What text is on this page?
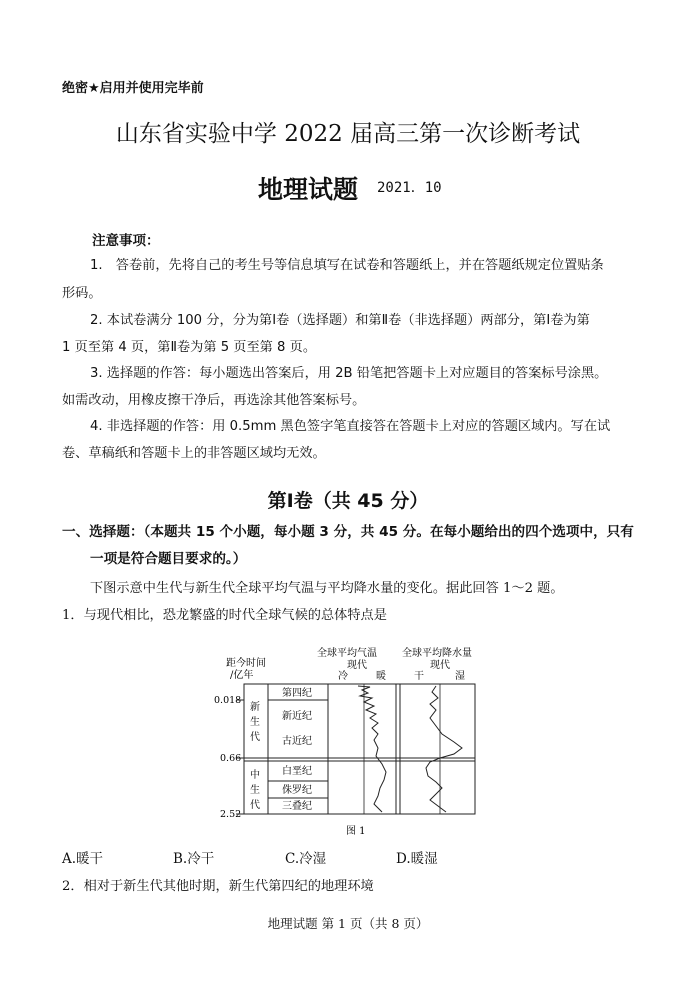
绝密★启用并使用完毕前
山东省实验中学 2022 届高三第一次诊断考试
地理试题 2021．10
注意事项：
1.　答卷前，先将自己的考生号等信息填写在试卷和答题纸上，并在答题纸规定位置贴条
形码。
2. 本试卷满分 100 分，分为第Ⅰ卷（选择题）和第Ⅱ卷（非选择题）两部分，第Ⅰ卷为第
1 页至第 4 页，第Ⅱ卷为第 5 页至第 8 页。
3. 选择题的作答：每小题选出答案后，用 2B 铅笔把答题卡上对应题目的答案标号涂黑。
如需改动，用橡皮擦干净后，再选涂其他答案标号。
4. 非选择题的作答：用 0.5mm 黑色签字笔直接答在答题卡上对应的答题区域内。写在试
卷、草稿纸和答题卡上的非答题区域均无效。
第Ⅰ卷（共 45 分）
一、选择题：（本题共 15 个小题，每小题 3 分，共 45 分。在每小题给出的四个选项中，只有
一项是符合题目要求的。）
下图示意中生代与新生代全球平均气温与平均降水量的变化。据此回答 1～2 题。
1．与现代相比，恐龙繁盛的时代全球气候的总体特点是
距今时间
/亿年
全球平均气温
现代
冷	暖
全球平均降水量
现代
干	湿
0.018
0.66
2.52
新
生
代
中
生
代
第四纪
新近纪
古近纪
白垩纪
侏罗纪
三叠纪
图 1
A.暖干	B.冷干	C.冷湿	D.暖湿
2．相对于新生代其他时期，新生代第四纪的地理环境
地理试题 第 1 页（共 8 页）
